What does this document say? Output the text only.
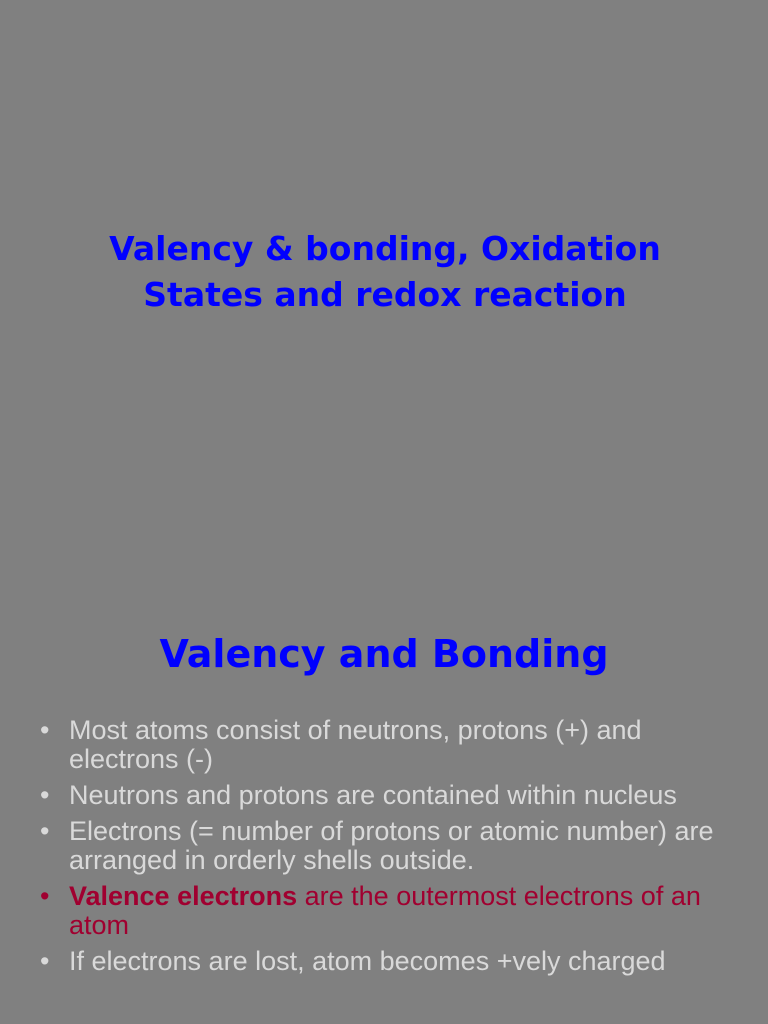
Valency & bonding, Oxidation
States and redox reaction
Valency and Bonding
• Most atoms consist of neutrons, protons (+) and electrons (-)
• Neutrons and protons are contained within nucleus
• Electrons (= number of protons or atomic number) are arranged in orderly shells outside.
• Valence electrons are the outermost electrons of an atom
• If electrons are lost, atom becomes +vely charged
